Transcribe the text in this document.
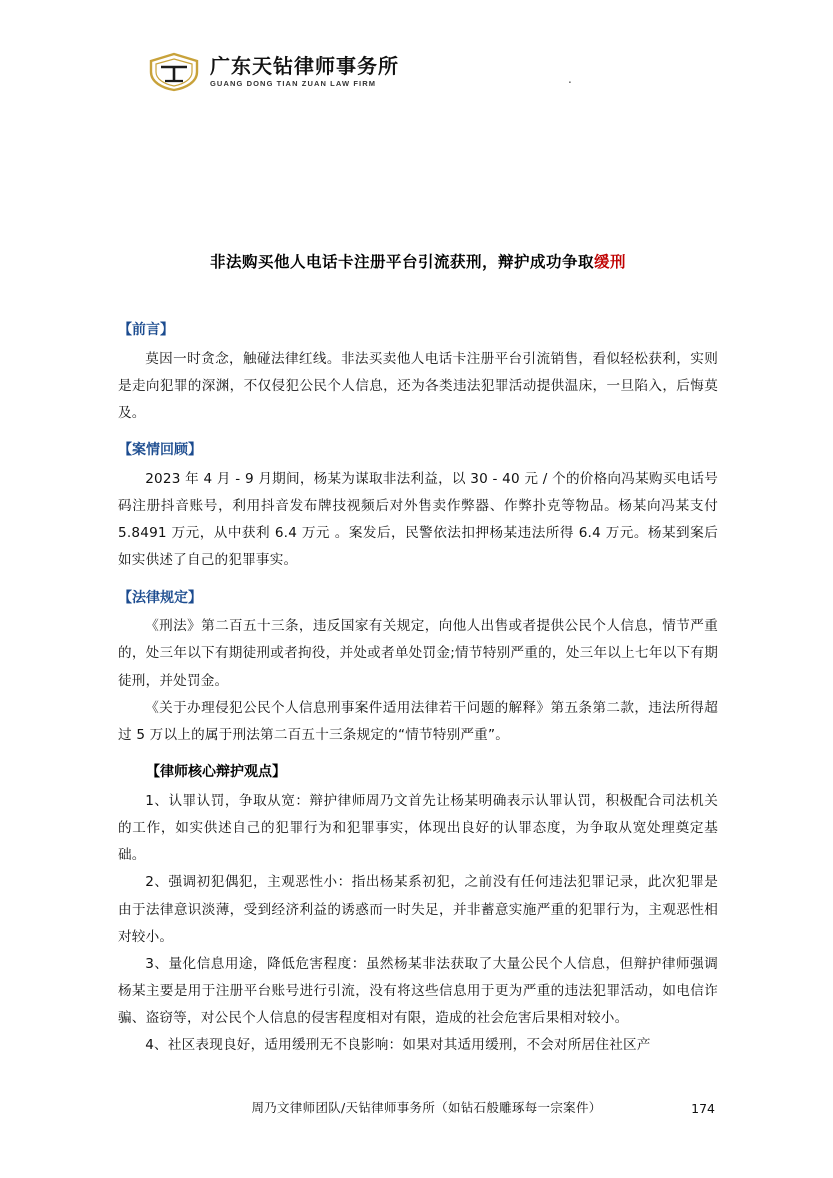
广东天钻律师事务所
GUANG DONG TIAN ZUAN LAW FIRM	.
非法购买他人电话卡注册平台引流获刑，辩护成功争取缓刑
【前言】

莫因一时贪念，触碰法律红线。非法买卖他人电话卡注册平台引流销售，看似轻松获利，实则是走向犯罪的深渊，不仅侵犯公民个人信息，还为各类违法犯罪活动提供温床，一旦陷入，后悔莫及。

【案情回顾】

2023 年 4 月 - 9 月期间，杨某为谋取非法利益，以 30 - 40 元 / 个的价格向冯某购买电话号码注册抖音账号，利用抖音发布牌技视频后对外售卖作弊器、作弊扑克等物品。杨某向冯某支付 5.8491 万元，从中获利 6.4 万元 。案发后，民警依法扣押杨某违法所得 6.4 万元。杨某到案后如实供述了自己的犯罪事实。

【法律规定】

《刑法》第二百五十三条，违反国家有关规定，向他人出售或者提供公民个人信息，情节严重的，处三年以下有期徒刑或者拘役，并处或者单处罚金;情节特别严重的，处三年以上七年以下有期徒刑，并处罚金。

《关于办理侵犯公民个人信息刑事案件适用法律若干问题的解释》第五条第二款，违法所得超过 5 万以上的属于刑法第二百五十三条规定的“情节特别严重”。

【律师核心辩护观点】

1、认罪认罚，争取从宽：辩护律师周乃文首先让杨某明确表示认罪认罚，积极配合司法机关的工作，如实供述自己的犯罪行为和犯罪事实，体现出良好的认罪态度，为争取从宽处理奠定基础。

2、强调初犯偶犯，主观恶性小：指出杨某系初犯，之前没有任何违法犯罪记录，此次犯罪是由于法律意识淡薄，受到经济利益的诱惑而一时失足，并非蓄意实施严重的犯罪行为，主观恶性相对较小。

3、量化信息用途，降低危害程度：虽然杨某非法获取了大量公民个人信息，但辩护律师强调杨某主要是用于注册平台账号进行引流，没有将这些信息用于更为严重的违法犯罪活动，如电信诈骗、盗窃等，对公民个人信息的侵害程度相对有限，造成的社会危害后果相对较小。

4、社区表现良好，适用缓刑无不良影响：如果对其适用缓刑，不会对所居住社区产

周乃文律师团队/天钻律师事务所（如钻石般雕琢每一宗案件）	174
